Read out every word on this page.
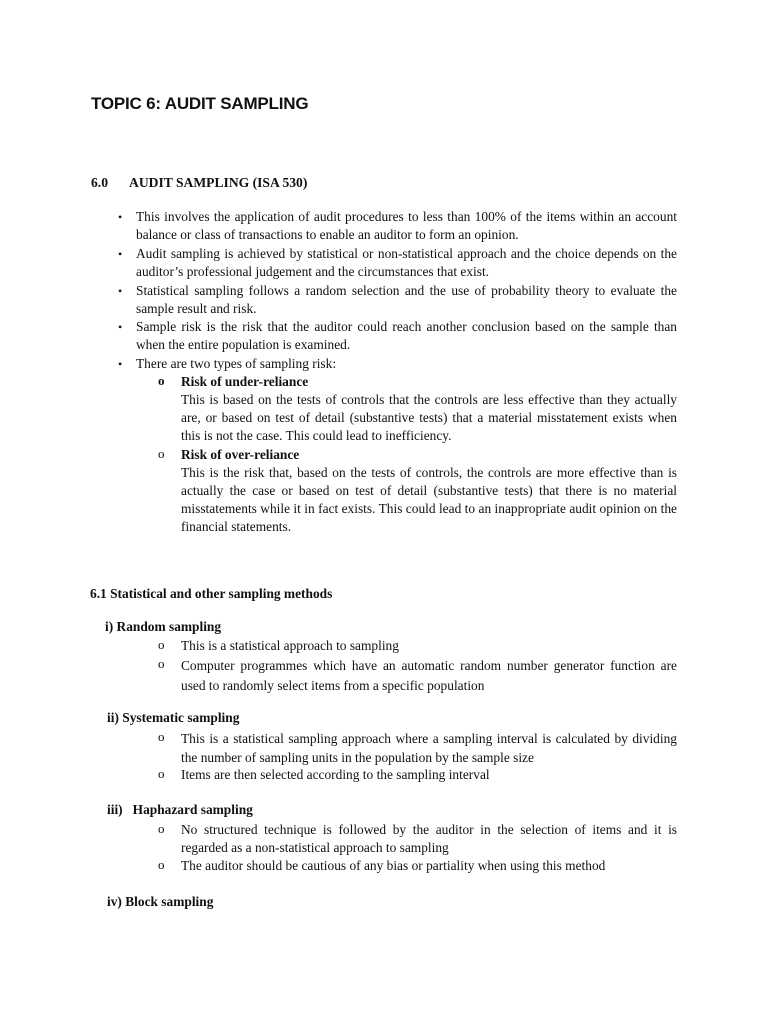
TOPIC 6: AUDIT SAMPLING
6.0 AUDIT SAMPLING (ISA 530)
• This involves the application of audit procedures to less than 100% of the items within an account balance or class of transactions to enable an auditor to form an opinion.
• Audit sampling is achieved by statistical or non-statistical approach and the choice depends on the auditor’s professional judgement and the circumstances that exist.
• Statistical sampling follows a random selection and the use of probability theory to evaluate the sample result and risk.
• Sample risk is the risk that the auditor could reach another conclusion based on the sample than when the entire population is examined.
• There are two types of sampling risk:
o Risk of under-reliance
This is based on the tests of controls that the controls are less effective than they actually are, or based on test of detail (substantive tests) that a material misstatement exists when this is not the case. This could lead to inefficiency.
o Risk of over-reliance
This is the risk that, based on the tests of controls, the controls are more effective than is actually the case or based on test of detail (substantive tests) that there is no material misstatements while it in fact exists. This could lead to an inappropriate audit opinion on the financial statements.
6.1 Statistical and other sampling methods
i) Random sampling
o This is a statistical approach to sampling
o Computer programmes which have an automatic random number generator function are used to randomly select items from a specific population
ii) Systematic sampling
o This is a statistical sampling approach where a sampling interval is calculated by dividing the number of sampling units in the population by the sample size
o Items are then selected according to the sampling interval
iii)   Haphazard sampling
o No structured technique is followed by the auditor in the selection of items and it is regarded as a non-statistical approach to sampling
o The auditor should be cautious of any bias or partiality when using this method
iv) Block sampling
